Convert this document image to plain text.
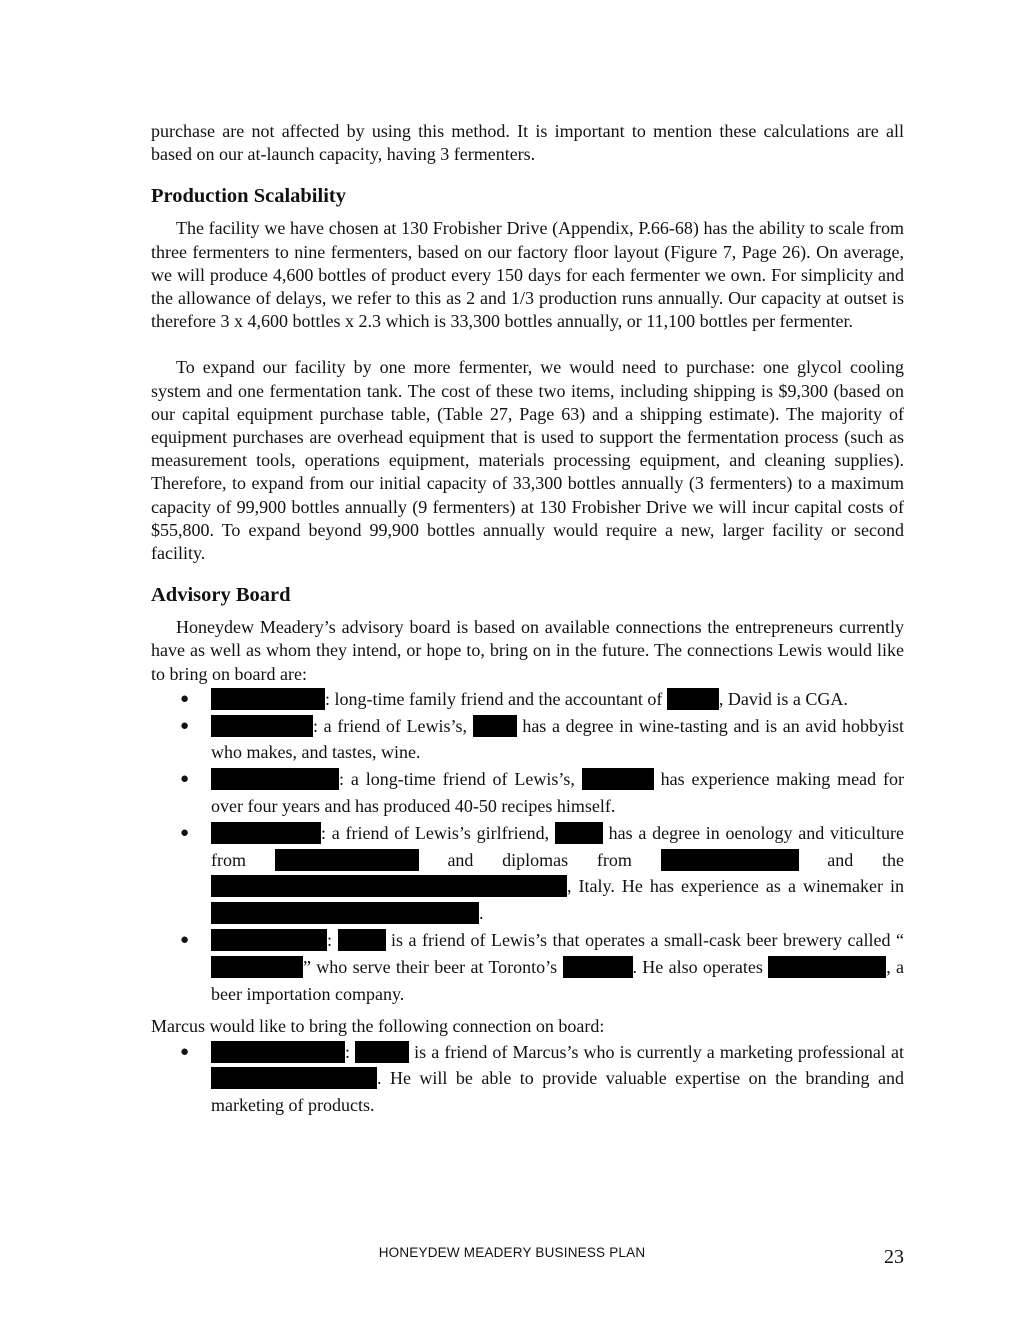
purchase are not affected by using this method. It is important to mention these calculations are all based on our at-launch capacity, having 3 fermenters.

Production Scalability

The facility we have chosen at 130 Frobisher Drive (Appendix, P.66-68) has the ability to scale from three fermenters to nine fermenters, based on our factory floor layout (Figure 7, Page 26). On average, we will produce 4,600 bottles of product every 150 days for each fermenter we own. For simplicity and the allowance of delays, we refer to this as 2 and 1/3 production runs annually. Our capacity at outset is therefore 3 x 4,600 bottles x 2.3 which is 33,300 bottles annually, or 11,100 bottles per fermenter.

To expand our facility by one more fermenter, we would need to purchase: one glycol cooling system and one fermentation tank. The cost of these two items, including shipping is $9,300 (based on our capital equipment purchase table, (Table 27, Page 63) and a shipping estimate). The majority of equipment purchases are overhead equipment that is used to support the fermentation process (such as measurement tools, operations equipment, materials processing equipment, and cleaning supplies). Therefore, to expand from our initial capacity of 33,300 bottles annually (3 fermenters) to a maximum capacity of 99,900 bottles annually (9 fermenters) at 130 Frobisher Drive we will incur capital costs of $55,800. To expand beyond 99,900 bottles annually would require a new, larger facility or second facility.

Advisory Board

Honeydew Meadery’s advisory board is based on available connections the entrepreneurs currently have as well as whom they intend, or hope to, bring on in the future. The connections Lewis would like to bring on board are:

●	: long-time family friend and the accountant of	, David is a CGA.
●	: a friend of Lewis’s,  has a degree in wine-tasting and is an avid hobbyist who makes, and tastes, wine.
●	: a long-time friend of Lewis’s,	has experience making mead for over four years and has produced 40-50 recipes himself.
●	: a friend of Lewis’s girlfriend,	has a degree in oenology and viticulture from	and diplomas from	and the , Italy. He has experience as a winemaker in .
●	:	is a friend of Lewis’s that operates a small-cask beer brewery called “” who serve their beer at Toronto’s	. He also operates	, a beer importation company.

Marcus would like to bring the following connection on board:

●	:	is a friend of Marcus’s who is currently a marketing professional at . He will be able to provide valuable expertise on the branding and marketing of products.
HONEYDEW MEADERY BUSINESS PLAN	23
